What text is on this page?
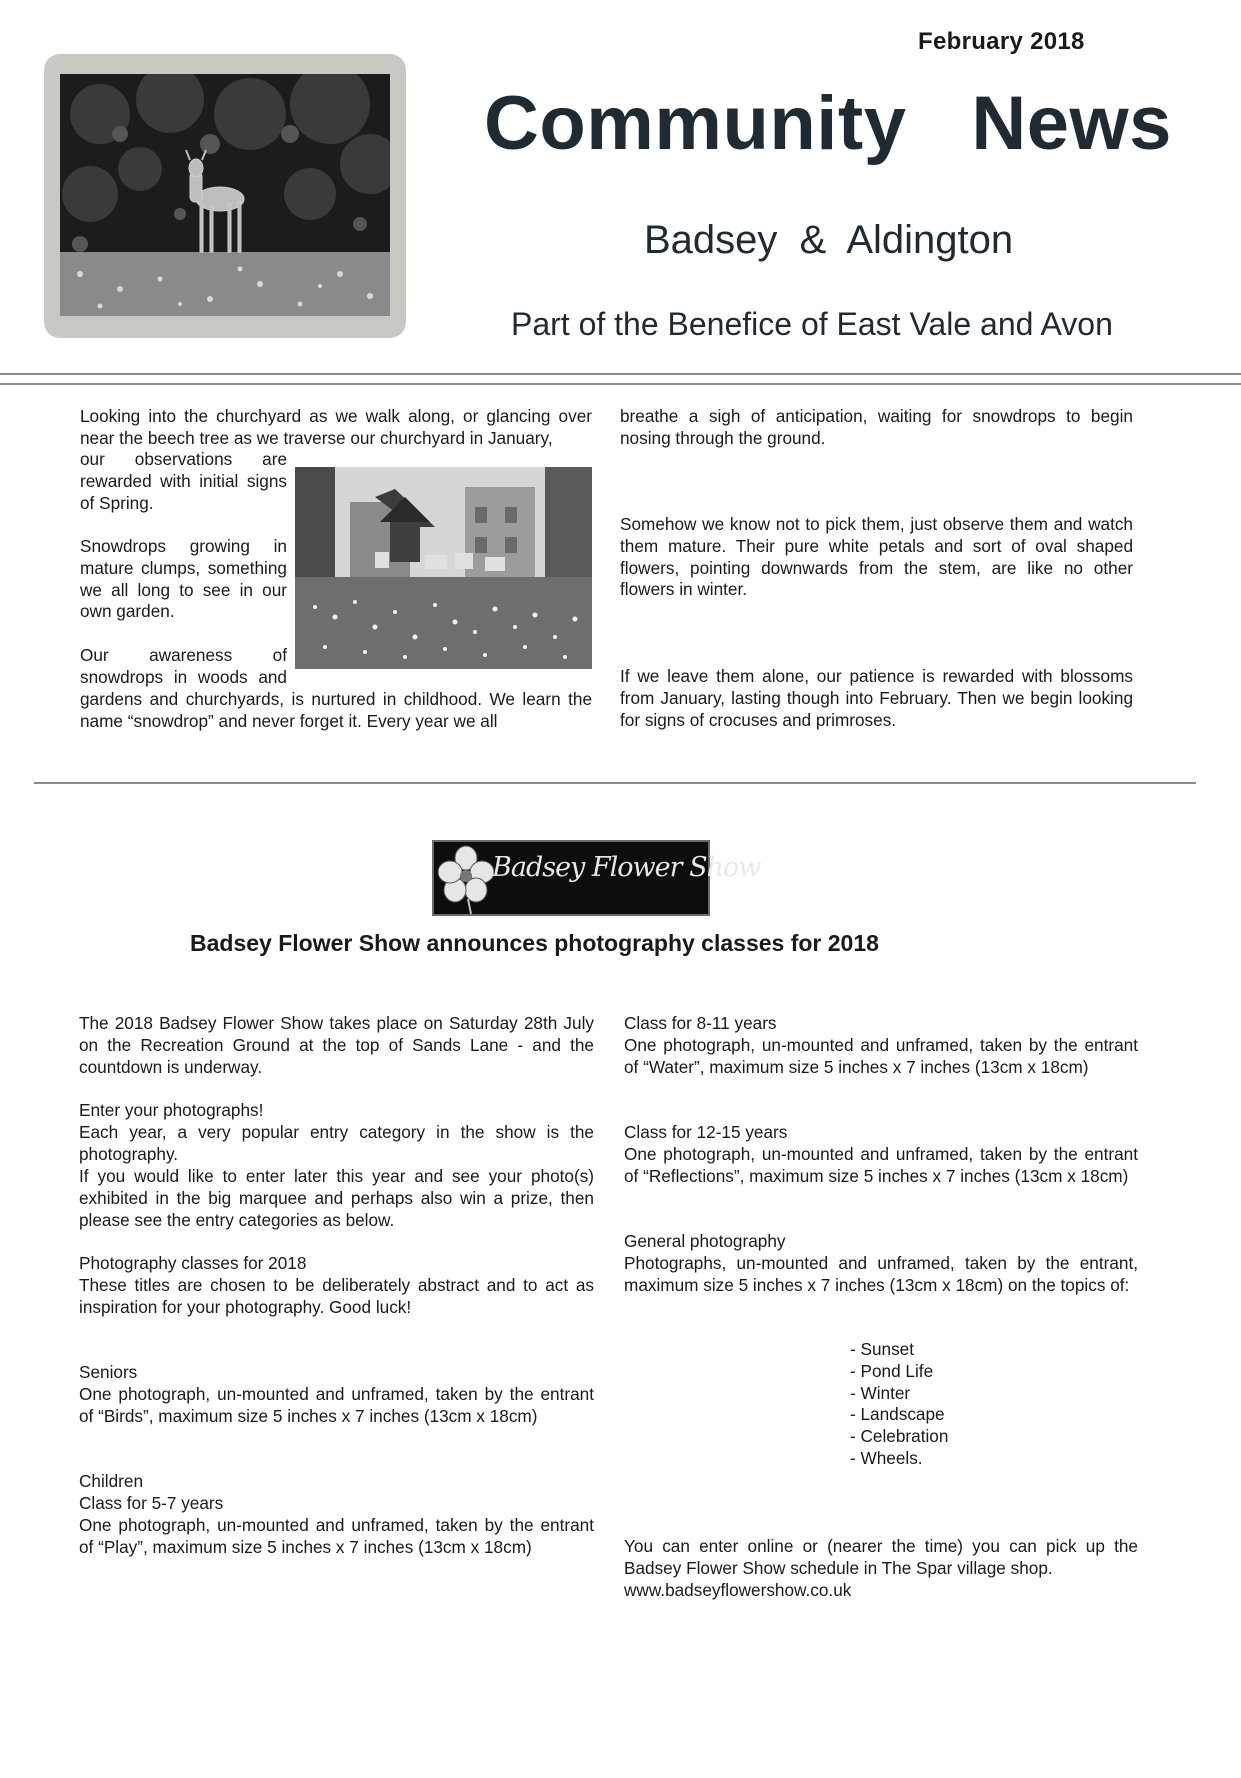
February 2018
Community   News
Badsey  &  Aldington
Part of the Benefice of East Vale and Avon

Looking into the churchyard as we walk along, or glancing over near the beech tree as we traverse our churchyard in January,

our observations are rewarded with initial signs of Spring.

Snowdrops growing in mature clumps, something we all long to see in our own garden.

Our awareness of snowdrops in woods and

gardens and churchyards, is nurtured in childhood. We learn the name “snowdrop” and never forget it. Every year we all

breathe a sigh of anticipation, waiting for snowdrops to begin nosing through the ground.

Somehow we know not to pick them, just observe them and watch them mature. Their pure white petals and sort of oval shaped flowers, pointing downwards from the stem, are like no other flowers in winter.

If we leave them alone, our patience is rewarded with blossoms from January, lasting though into February. Then we begin looking for signs of crocuses and primroses.

Badsey Flower Show
Badsey Flower Show announces photography classes for 2018

The 2018 Badsey Flower Show takes place on Saturday 28th July on the Recreation Ground at the top of Sands Lane - and the countdown is underway.

Enter your photographs!

Each year, a very popular entry category in the show is the photography.

If you would like to enter later this year and see your photo(s) exhibited in the big marquee and perhaps also win a prize, then please see the entry categories as below.

Photography classes for 2018

These titles are chosen to be deliberately abstract and to act as inspiration for your photography. Good luck!

Seniors

One photograph, un-mounted and unframed, taken by the entrant of “Birds”, maximum size 5 inches x 7 inches (13cm x 18cm)

Children

Class for 5-7 years

One photograph, un-mounted and unframed, taken by the entrant of “Play”, maximum size 5 inches x 7 inches (13cm x 18cm)

Class for 8-11 years

One photograph, un-mounted and unframed, taken by the entrant of “Water”, maximum size 5 inches x 7 inches (13cm x 18cm)

Class for 12-15 years

One photograph, un-mounted and unframed, taken by the entrant of “Reflections”, maximum size 5 inches x 7 inches (13cm x 18cm)

General photography

Photographs, un-mounted and unframed, taken by the entrant, maximum size 5 inches x 7 inches (13cm x 18cm) on the topics of:

- Sunset
- Pond Life
- Winter
- Landscape
- Celebration
- Wheels.

You can enter online or (nearer the time) you can pick up the Badsey Flower Show schedule in The Spar village shop.

www.badseyflowershow.co.uk
